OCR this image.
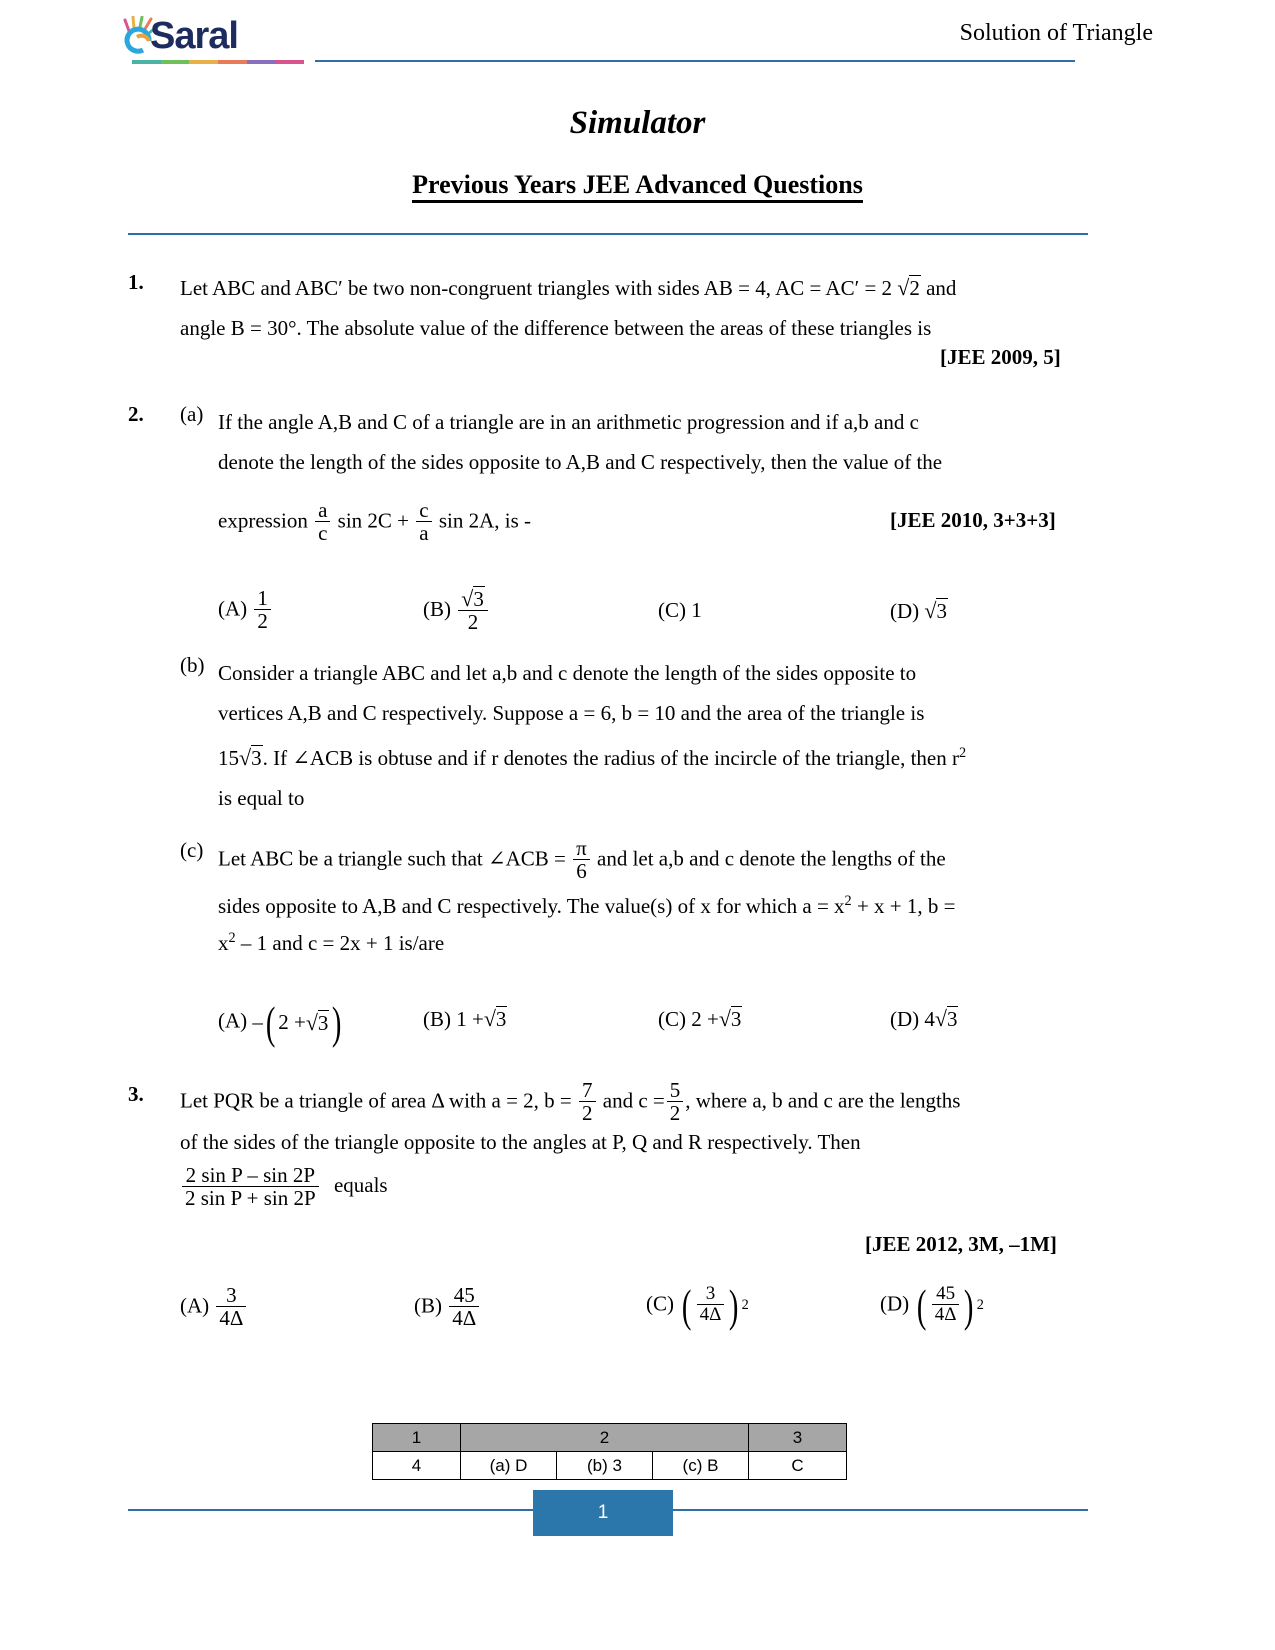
Saral	Solution of Triangle
Simulator
Previous Years JEE Advanced Questions
1. Let ABC and ABC′ be two non-congruent triangles with sides AB = 4, AC = AC′ = 2 √2 and
angle B = 30°. The absolute value of the difference between the areas of these triangles is
[JEE 2009, 5]
2. (a) If the angle A,B and C of a triangle are in an arithmetic progression and if a,b and c
denote the length of the sides opposite to A,B and C respectively, then the value of the
expression $\frac{a}{c}$ $\sin 2C + \frac{c}{a}$ sin 2A, is -	[JEE 2010, 3+3+3]
$(A) \frac{1}{2}$	$(B) \frac{√3}{2}$	(C) 1	(D) √3
(b) Consider a triangle ABC and let a,b and c denote the length of the sides opposite to
vertices A,B and C respectively. Suppose a = 6, b = 10 and the area of the triangle is
15√3. If ∠ACB is obtuse and if r denotes the radius of the incircle of the triangle, then $r^2$
is equal to
(c) Let ABC be a triangle such that ∠ACB = $\frac{\pi}{6}$ and let a,b and c denote the lengths of the
sides opposite to A,B and C respectively. The value(s) of x for which $a = x^2 + x + 1$, b =
$x^2 - 1$ and c = 2x + 1 is/are
(A) – ( 2 + √3 )	(B) 1 +√3	(C) 2 +√3	(D) 4√3
3. Let PQR be a triangle of area Δ with a = 2, $b = \frac{7}{2}$ and $c = \frac{5}{2}$ , where a, b and c are the lengths
of the sides of the triangle opposite to the angles at P, Q and R respectively. Then
$\frac{\text{2 sin P – sin 2P}}{\text{2 sin P + sin 2P}}$ equals
[JEE 2012, 3M, –1M]
$(A) \frac{3}{4\Delta}$	$(B) \frac{45}{4\Delta}$	(C) ( $\frac{3}{4\Delta}$ ) 2	(D) ( $\frac{45}{4\Delta}$ ) 2
1	2			3
4	(a) D	(b) 3	(c) B	C
1
